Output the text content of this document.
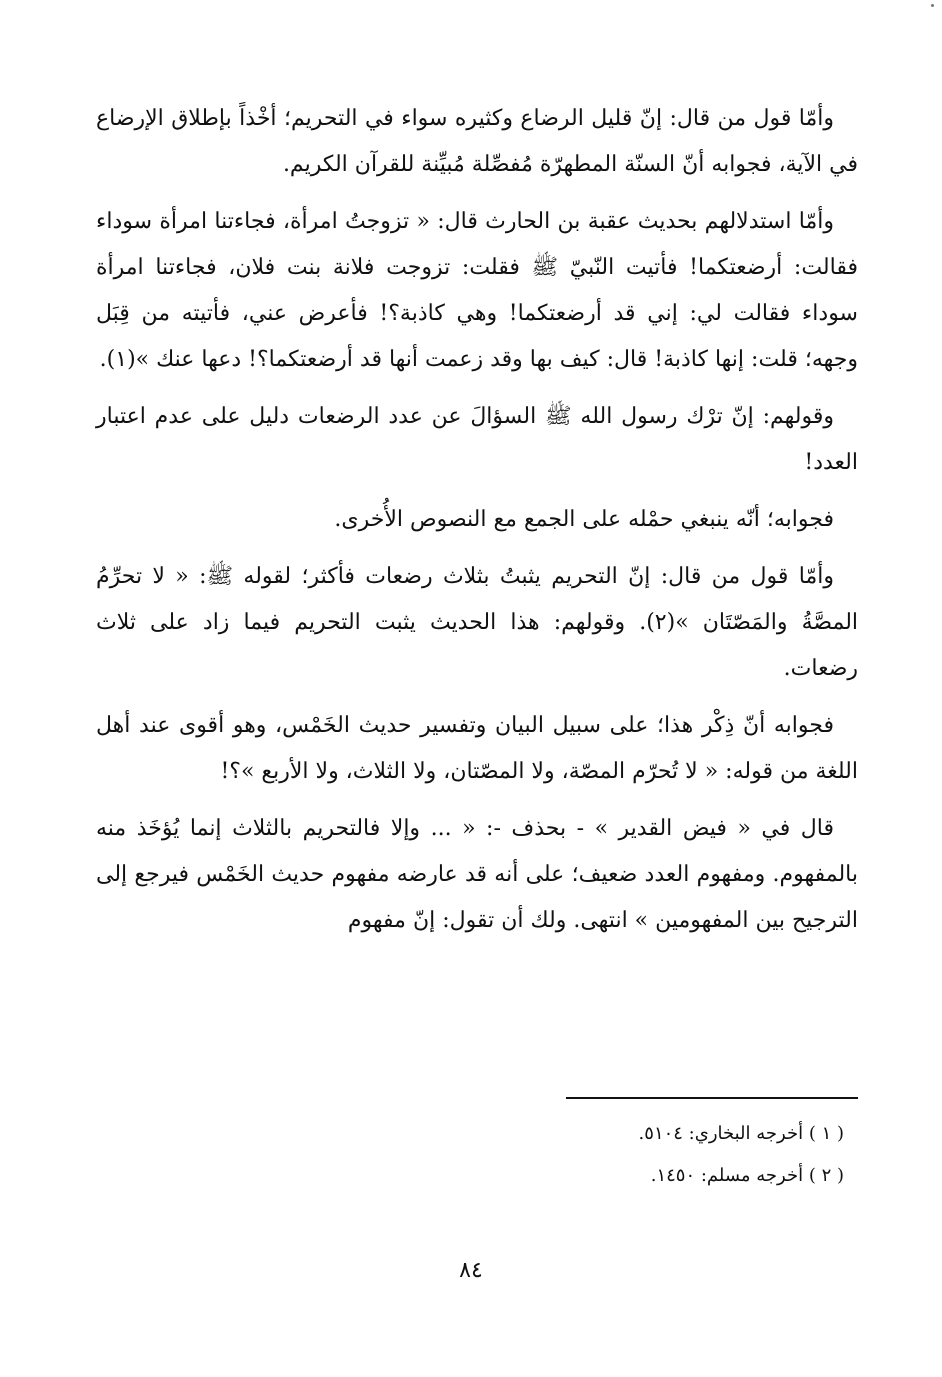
وأمّا قول من قال: إنّ قليل الرضاع وكثيره سواء في التحريم؛ أخْذاً بإطلاق الإرضاع في الآية، فجوابه أنّ السنّة المطهرّة مُفصِّلة مُبيِّنة للقرآن الكريم.

وأمّا استدلالهم بحديث عقبة بن الحارث قال: « تزوجتُ امرأة، فجاءتنا امرأة سوداء فقالت: أرضعتكما! فأتيت النّبيّ ﷺ فقلت: تزوجت فلانة بنت فلان، فجاءتنا امرأة سوداء فقالت لي: إني قد أرضعتكما! وهي كاذبة؟! فأعرض عني، فأتيته من قِبَل وجهه؛ قلت: إنها كاذبة! قال: كيف بها وقد زعمت أنها قد أرضعتكما؟! دعها عنك »(١).

وقولهم: إنّ ترْك رسول الله ﷺ السؤالَ عن عدد الرضعات دليل على عدم اعتبار العدد!

فجوابه؛ أنّه ينبغي حمْله على الجمع مع النصوص الأُخرى.

وأمّا قول من قال: إنّ التحريم يثبتُ بثلاث رضعات فأكثر؛ لقوله ﷺ: « لا تحرِّمُ المصَّةُ والمَصّتَان »(٢). وقولهم: هذا الحديث يثبت التحريم فيما زاد على ثلاث رضعات.

فجوابه أنّ ذِكْر هذا؛ على سبيل البيان وتفسير حديث الخَمْس، وهو أقوى عند أهل اللغة من قوله: « لا تُحرّم المصّة، ولا المصّتان، ولا الثلاث، ولا الأربع »؟!

قال في « فيض القدير » - بحذف -: « ... وإلا فالتحريم بالثلاث إنما يُؤخَذ منه بالمفهوم. ومفهوم العدد ضعيف؛ على أنه قد عارضه مفهوم حديث الخَمْس فيرجع إلى الترجيح بين المفهومين » انتهى. ولك أن تقول: إنّ مفهوم

( ١ ) أخرجه البخاري: ٥١٠٤.

( ٢ ) أخرجه مسلم: ١٤٥٠.

٨٤
